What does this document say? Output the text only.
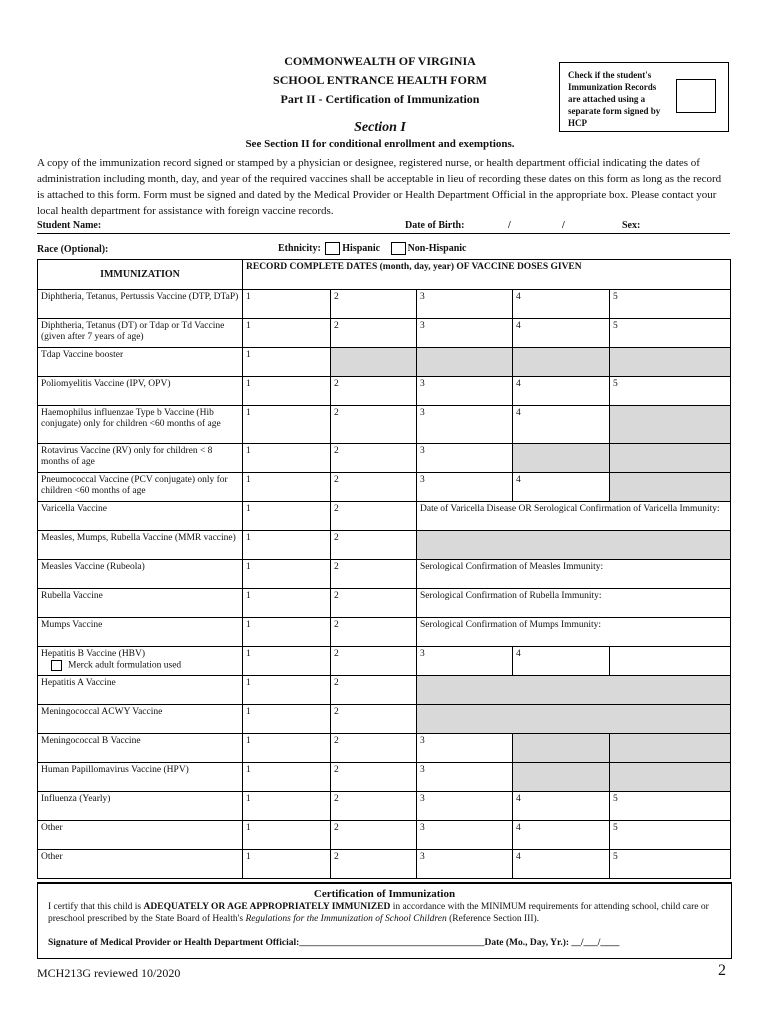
COMMONWEALTH OF VIRGINIA
SCHOOL ENTRANCE HEALTH FORM
Part II - Certification of Immunization
Section I
See Section II for conditional enrollment and exemptions.
Check if the student's Immunization Records are attached using a separate form signed by HCP
A copy of the immunization record signed or stamped by a physician or designee, registered nurse, or health department official indicating the dates of administration including month, day, and year of the required vaccines shall be acceptable in lieu of recording these dates on this form as long as the record is attached to this form. Form must be signed and dated by the Medical Provider or Health Department Official in the appropriate box. Please contact your local health department for assistance with foreign vaccine records.
Student Name:	Date of Birth:	/	/	Sex:
Race (Optional):	Ethnicity: Hispanic	Non-Hispanic
IMMUNIZATION	RECORD COMPLETE DATES (month, day, year) OF VACCINE DOSES GIVEN				
Diphtheria, Tetanus, Pertussis Vaccine (DTP, DTaP)	1	2	3	4	5
Diphtheria, Tetanus (DT) or Tdap or Td Vaccine (given after 7 years of age)	1	2	3	4	5
Tdap Vaccine booster	1				
Poliomyelitis Vaccine (IPV, OPV)	1	2	3	4	5
Haemophilus influenzae Type b Vaccine (Hib conjugate) only for children <60 months of age	1	2	3	4	
Rotavirus Vaccine (RV) only for children < 8 months of age	1	2	3		
Pneumococcal Vaccine (PCV conjugate) only for children <60 months of age	1	2	3	4	
Varicella Vaccine	1	2	Date of Varicella Disease OR Serological Confirmation of Varicella Immunity:		
Measles, Mumps, Rubella Vaccine (MMR vaccine)	1	2			
Measles Vaccine (Rubeola)	1	2	Serological Confirmation of Measles Immunity:		
Rubella Vaccine	1	2	Serological Confirmation of Rubella Immunity:		
Mumps Vaccine	1	2	Serological Confirmation of Mumps Immunity:		
Hepatitis B Vaccine (HBV)
Merck adult formulation used	1	2	3	4	
Hepatitis A Vaccine	1	2			
Meningococcal ACWY Vaccine	1	2			
Meningococcal B Vaccine	1	2	3		
Human Papillomavirus Vaccine (HPV)	1	2	3		
Influenza (Yearly)	1	2	3	4	5
Other	1	2	3	4	5
Other	1	2	3	4	5
Certification of Immunization
I certify that this child is ADEQUATELY OR AGE APPROPRIATELY IMMUNIZED in accordance with the MINIMUM requirements for attending school, child care or preschool prescribed by the State Board of Health's Regulations for the Immunization of School Children (Reference Section III).
Signature of Medical Provider or Health Department Official:_______________________________________Date (Mo., Day, Yr.): __/___/____
MCH213G reviewed 10/2020	2
